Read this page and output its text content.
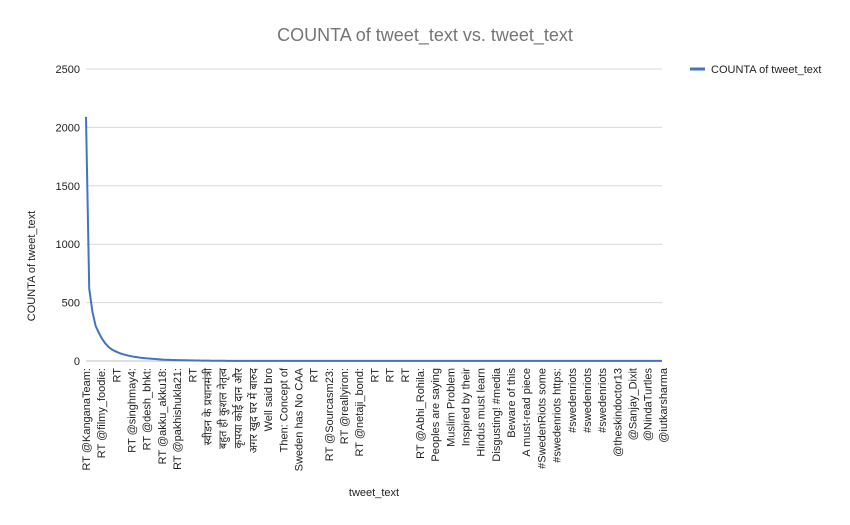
COUNTA of tweet_text vs. tweet_text
0
500
1000
1500
2000
2500
RT @KanganaTeam: RT @filmy_foodie: RT RT @singhmay4: RT @desh_bhkt: RT @akku_akku18: RT @pakhishukla21: RT स्वीडन के प्रधानमंत्री बहुत ही कुशल नेतृत्व कृपया कोई दान और अगर खुद घर में बारुद Well said bro Then: Concept of Sweden has No CAA RT RT @Sourcasm23: RT @reallyiron: RT @netaji_bond: RT RT RT RT @Abhi_Rohila: Peoples are saying Muslim Problem Inspired by their Hindus must learn Disgusting! #media Beware of this A must-read piece #SwedenRiots some #swedenriots https: #swedenriots #swedenriots #swedenriots @theskindoctor13 @Sanjay_Dixit @NindaTurtles @iutkarsharma
COUNTA of tweet_text
tweet_text
COUNTA of tweet_text
